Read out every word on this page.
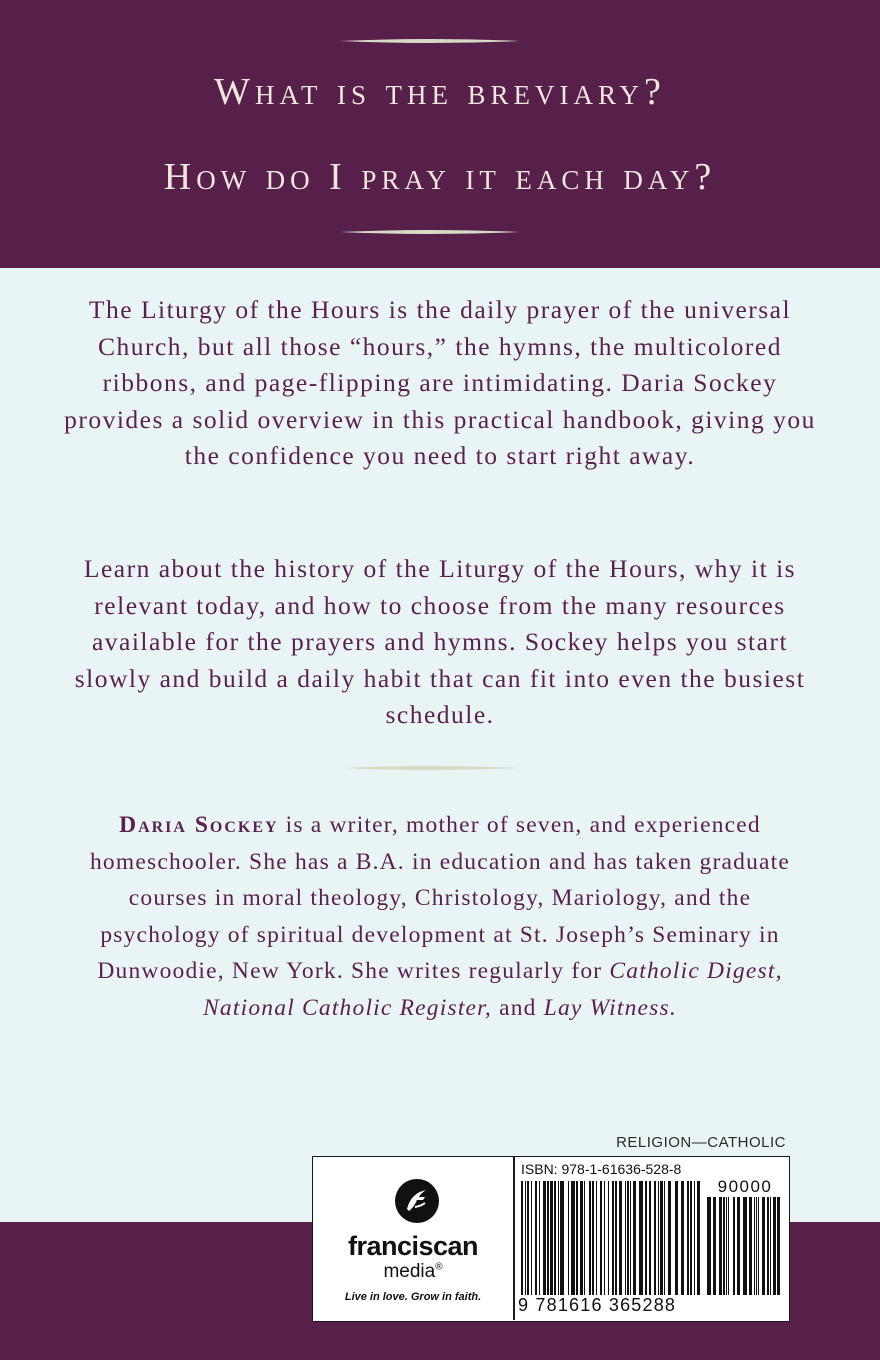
What is the breviary?
How do I pray it each day?

The Liturgy of the Hours is the daily prayer of the universal Church, but all those “hours,” the hymns, the multicolored ribbons, and page-flipping are intimidating. Daria Sockey provides a solid overview in this practical handbook, giving you the confidence you need to start right away.

Learn about the history of the Liturgy of the Hours, why it is relevant today, and how to choose from the many resources available for the prayers and hymns. Sockey helps you start slowly and build a daily habit that can fit into even the busiest schedule.

Daria Sockey is a writer, mother of seven, and experienced homeschooler. She has a B.A. in education and has taken graduate courses in moral theology, Christology, Mariology, and the psychology of spiritual development at St. Joseph’s Seminary in Dunwoodie, New York. She writes regularly for Catholic Digest, National Catholic Register, and Lay Witness.

RELIGION—CATHOLIC
franciscan
media®
Live in love. Grow in faith.
ISBN: 978-1-61636-528-8
90000
9 781616 365288
